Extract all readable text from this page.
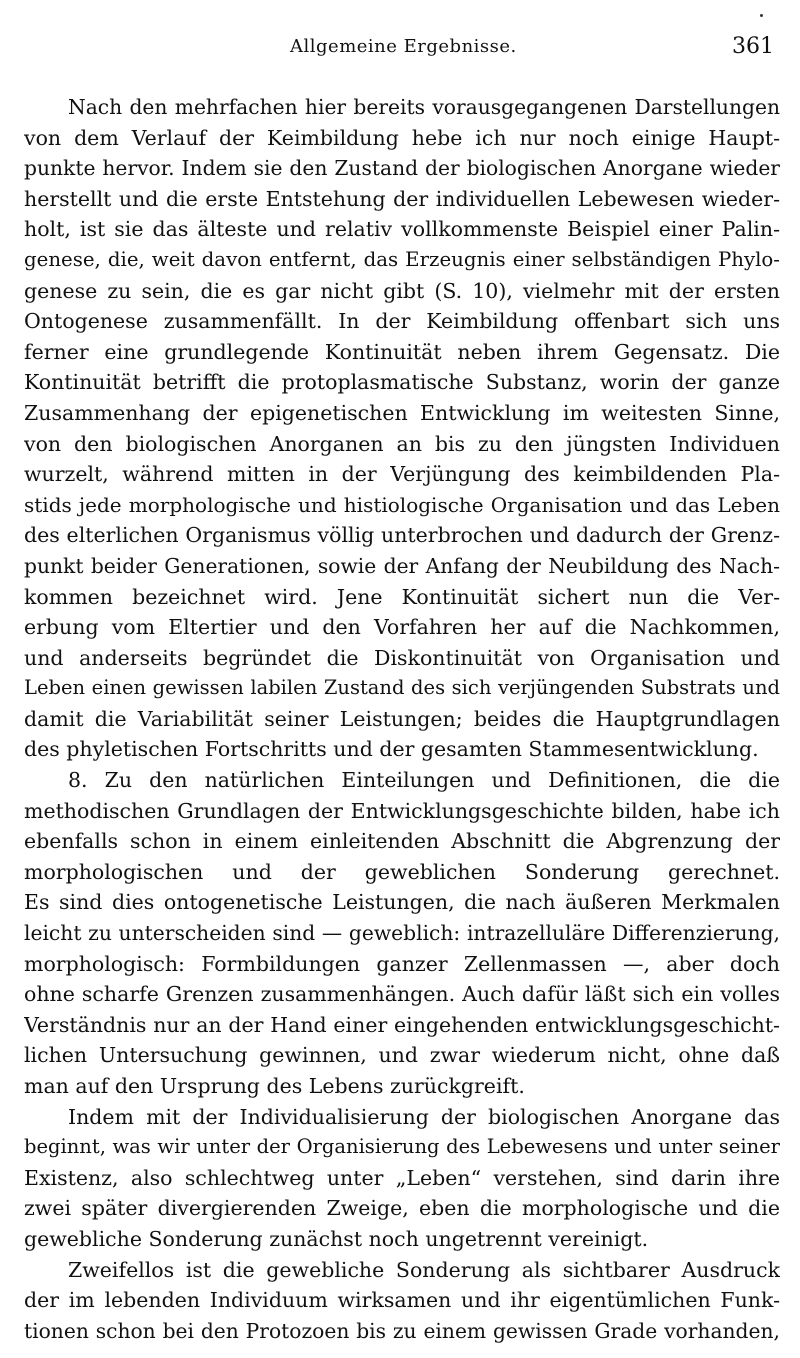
Allgemeine Ergebnisse.	361
Nach den mehrfachen hier bereits vorausgegangenen Darstellungen
von dem Verlauf der Keimbildung hebe ich nur noch einige Haupt-
punkte hervor. Indem sie den Zustand der biologischen Anorgane wieder
herstellt und die erste Entstehung der individuellen Lebewesen wieder-
holt, ist sie das älteste und relativ vollkommenste Beispiel einer Palin-
genese, die, weit davon entfernt, das Erzeugnis einer selbständigen Phylo-
genese zu sein, die es gar nicht gibt (S. 10), vielmehr mit der ersten
Ontogenese zusammenfällt. In der Keimbildung offenbart sich uns
ferner eine grundlegende Kontinuität neben ihrem Gegensatz. Die
Kontinuität betrifft die protoplasmatische Substanz, worin der ganze
Zusammenhang der epigenetischen Entwicklung im weitesten Sinne,
von den biologischen Anorganen an bis zu den jüngsten Individuen
wurzelt, während mitten in der Verjüngung des keimbildenden Pla-
stids jede morphologische und histiologische Organisation und das Leben
des elterlichen Organismus völlig unterbrochen und dadurch der Grenz-
punkt beider Generationen, sowie der Anfang der Neubildung des Nach-
kommen bezeichnet wird. Jene Kontinuität sichert nun die Ver-
erbung vom Eltertier und den Vorfahren her auf die Nachkommen,
und anderseits begründet die Diskontinuität von Organisation und
Leben einen gewissen labilen Zustand des sich verjüngenden Substrats und
damit die Variabilität seiner Leistungen; beides die Hauptgrundlagen
des phyletischen Fortschritts und der gesamten Stammesentwicklung.
8. Zu den natürlichen Einteilungen und Definitionen, die die
methodischen Grundlagen der Entwicklungsgeschichte bilden, habe ich
ebenfalls schon in einem einleitenden Abschnitt die Abgrenzung der
morphologischen und der geweblichen Sonderung gerechnet.
Es sind dies ontogenetische Leistungen, die nach äußeren Merkmalen
leicht zu unterscheiden sind — geweblich: intrazelluläre Differenzierung,
morphologisch: Formbildungen ganzer Zellenmassen —, aber doch
ohne scharfe Grenzen zusammenhängen. Auch dafür läßt sich ein volles
Verständnis nur an der Hand einer eingehenden entwicklungsgeschicht-
lichen Untersuchung gewinnen, und zwar wiederum nicht, ohne daß
man auf den Ursprung des Lebens zurückgreift.
Indem mit der Individualisierung der biologischen Anorgane das
beginnt, was wir unter der Organisierung des Lebewesens und unter seiner
Existenz, also schlechtweg unter „Leben“ verstehen, sind darin ihre
zwei später divergierenden Zweige, eben die morphologische und die
gewebliche Sonderung zunächst noch ungetrennt vereinigt.
Zweifellos ist die gewebliche Sonderung als sichtbarer Ausdruck
der im lebenden Individuum wirksamen und ihr eigentümlichen Funk-
tionen schon bei den Protozoen bis zu einem gewissen Grade vorhanden,
